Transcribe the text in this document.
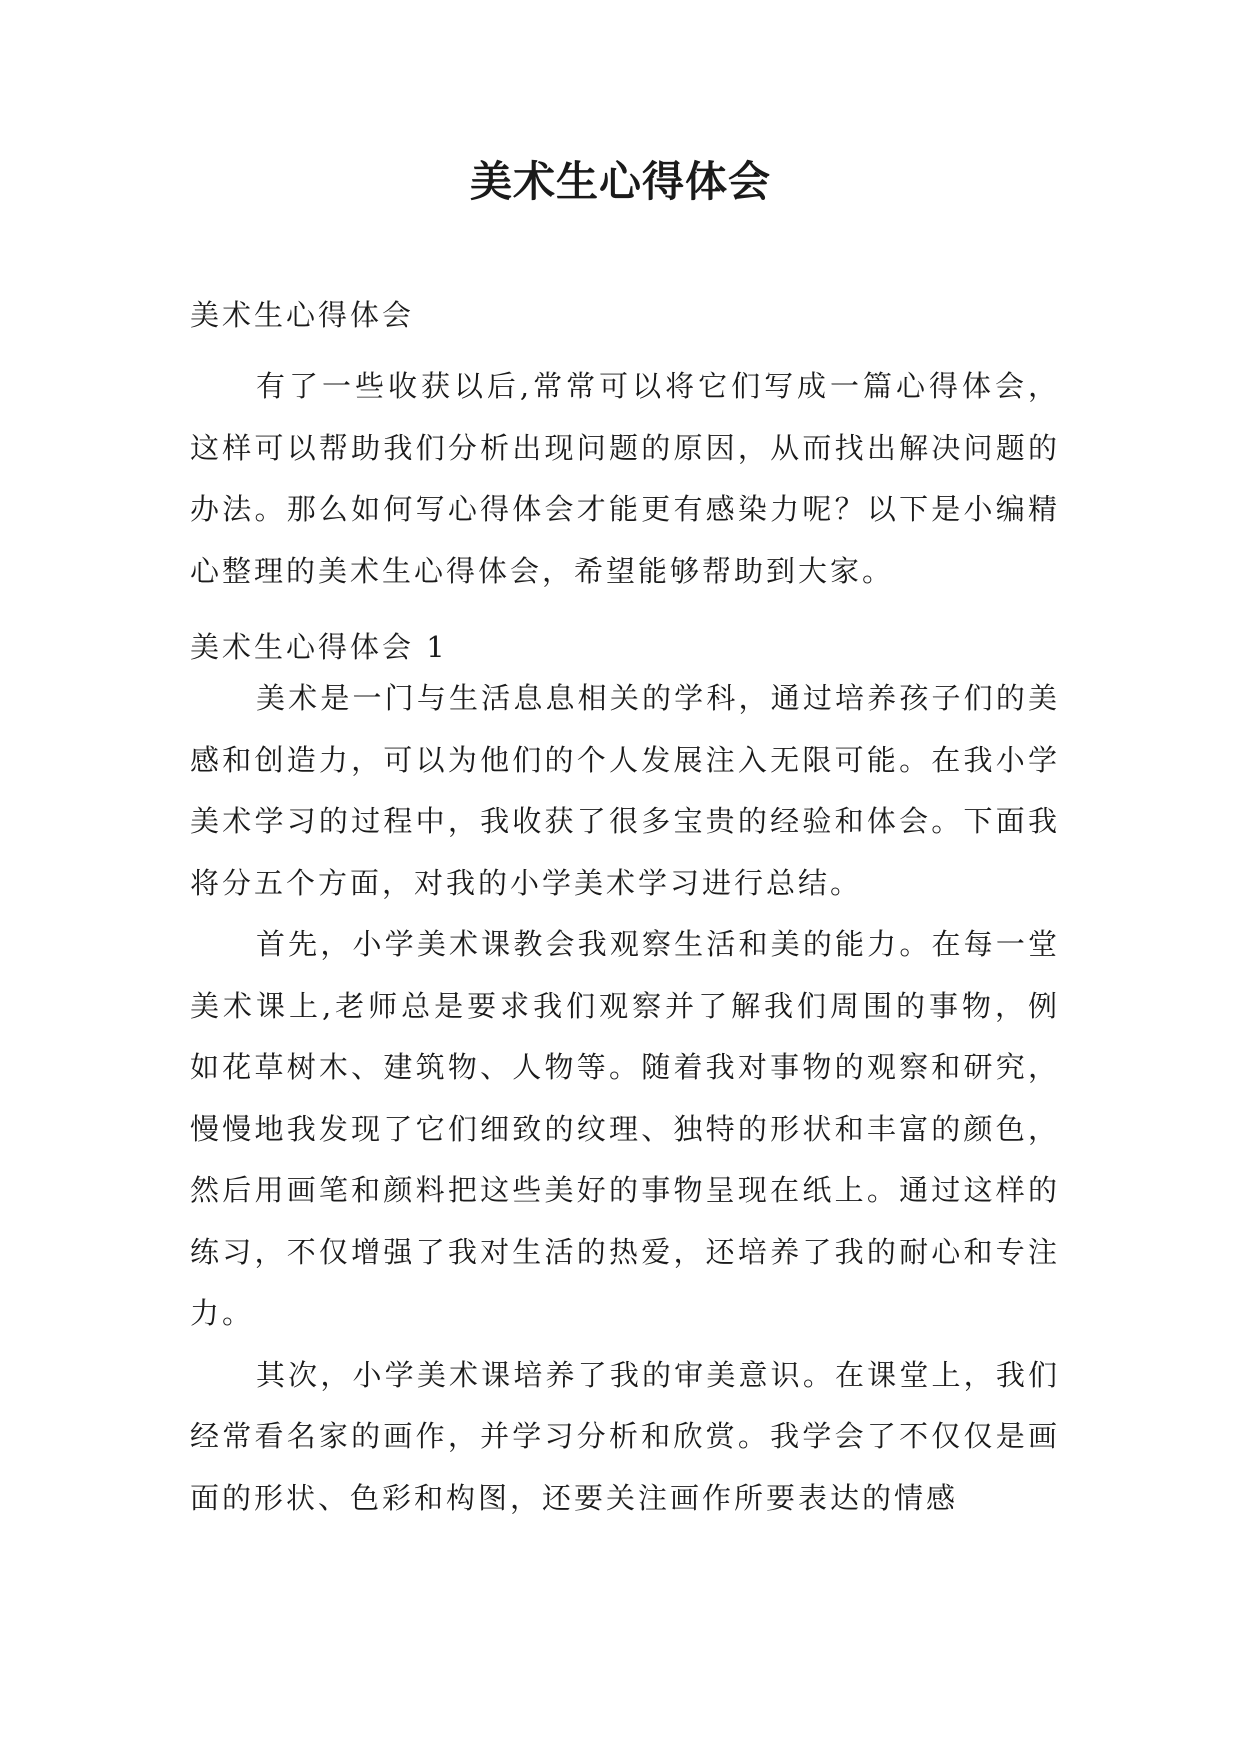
美术生心得体会
美术生心得体会

有了一些收获以后,常常可以将它们写成一篇心得体会，这样可以帮助我们分析出现问题的原因，从而找出解决问题的办法。那么如何写心得体会才能更有感染力呢？以下是小编精心整理的美术生心得体会，希望能够帮助到大家。

美术生心得体会 1

美术是一门与生活息息相关的学科，通过培养孩子们的美感和创造力，可以为他们的个人发展注入无限可能。在我小学美术学习的过程中，我收获了很多宝贵的经验和体会。下面我将分五个方面，对我的小学美术学习进行总结。

首先，小学美术课教会我观察生活和美的能力。在每一堂美术课上,老师总是要求我们观察并了解我们周围的事物，例如花草树木、建筑物、人物等。随着我对事物的观察和研究，慢慢地我发现了它们细致的纹理、独特的形状和丰富的颜色，然后用画笔和颜料把这些美好的事物呈现在纸上。通过这样的练习，不仅增强了我对生活的热爱，还培养了我的耐心和专注力。

其次，小学美术课培养了我的审美意识。在课堂上，我们经常看名家的画作，并学习分析和欣赏。我学会了不仅仅是画面的形状、色彩和构图，还要关注画作所要表达的情感
